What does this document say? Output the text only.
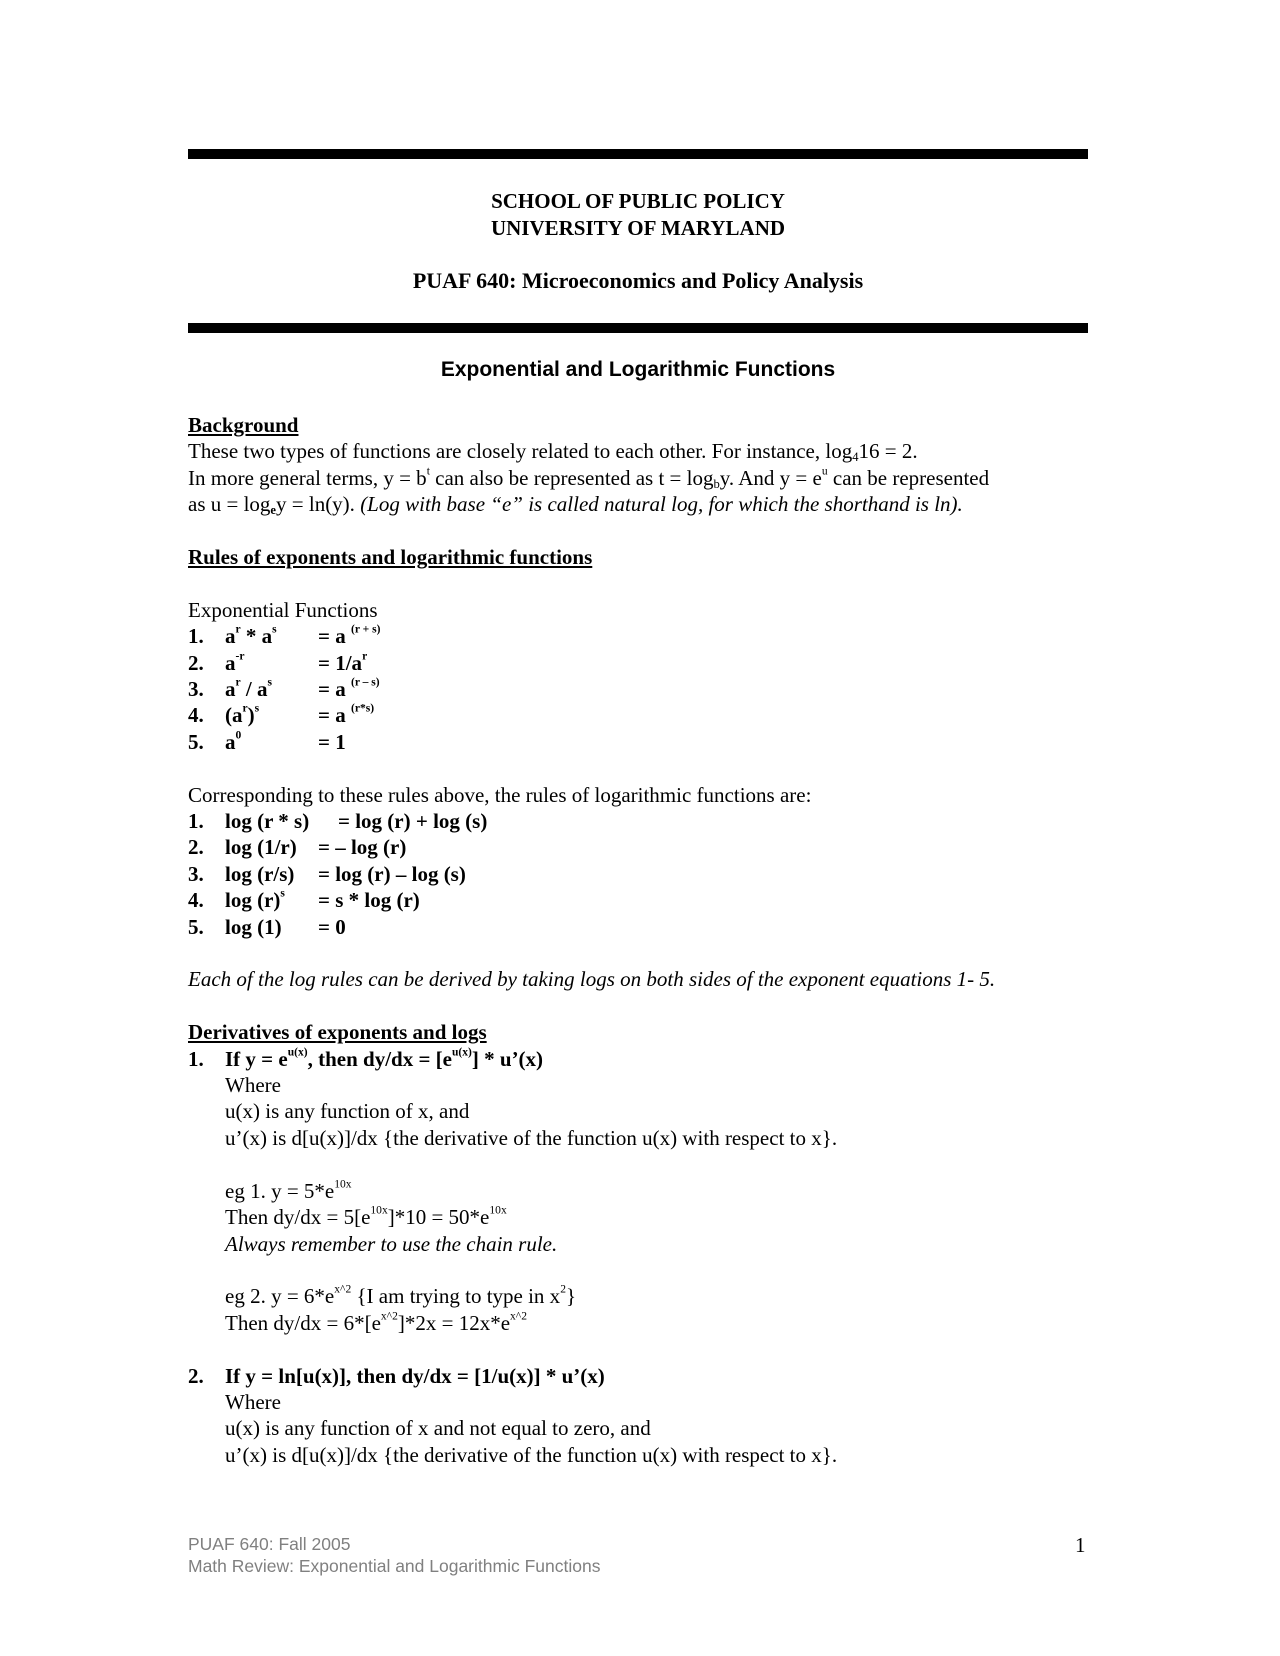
SCHOOL OF PUBLIC POLICY
UNIVERSITY OF MARYLAND
PUAF 640: Microeconomics and Policy Analysis
Exponential and Logarithmic Functions

Background

These two types of functions are closely related to each other. For instance, $\log_416 = 2$.

In more general terms, $y = b^t$ can also be represented as $t = \log_by$. And $y = e^u$ can be represented

as $u = \log_ey = \ln(y)$. (Log with base “e” is called natural log, for which the shorthand is ln).

Rules of exponents and logarithmic functions

Exponential Functions

1.	$a^r * a^s$	= a $^{(r + s)}$
2.	$a^{-r}$	= $1/a^r$
3.	$a^r / a^s$	= a $^{(r - s)}$
4.	$(a^r)^s$	= a $^{(r*s)}$
5.	$a^0$	= 1

Corresponding to these rules above, the rules of logarithmic functions are:

1.	log (r * s)	= log (r) + log (s)
2.	log (1/r)	= – log (r)
3.	log (r/s)	= log (r) – log (s)
4.	$\log (r)^s$	= s * log (r)
5.	log (1)	= 0

Each of the log rules can be derived by taking logs on both sides of the exponent equations 1- 5.

Derivatives of exponents and logs

1.	If $y = e^{u(x)}$, then $dy/dx = [e^{u(x)}]$ * u’(x)

Where

u(x) is any function of x, and

u’(x) is d[u(x)]/dx {the derivative of the function u(x) with respect to x}.

eg 1. $y = 5*e^{10x}$

Then $dy/dx = 5[e^{10x}]*10 = 50*e^{10x}$

Always remember to use the chain rule.

eg 2. $y = 6*e^{x\^{}2}$ {I am trying to type in $x^2$}

Then $dy/dx = 6*[e^{x\^{}2}]*2x = 12x*e^{x\^{}2}$

2.	If y = ln[u(x)], then dy/dx = [1/u(x)] * u’(x)

Where

u(x) is any function of x and not equal to zero, and

u’(x) is d[u(x)]/dx {the derivative of the function u(x) with respect to x}.

PUAF 640: Fall 2005
Math Review: Exponential and Logarithmic Functions
1
